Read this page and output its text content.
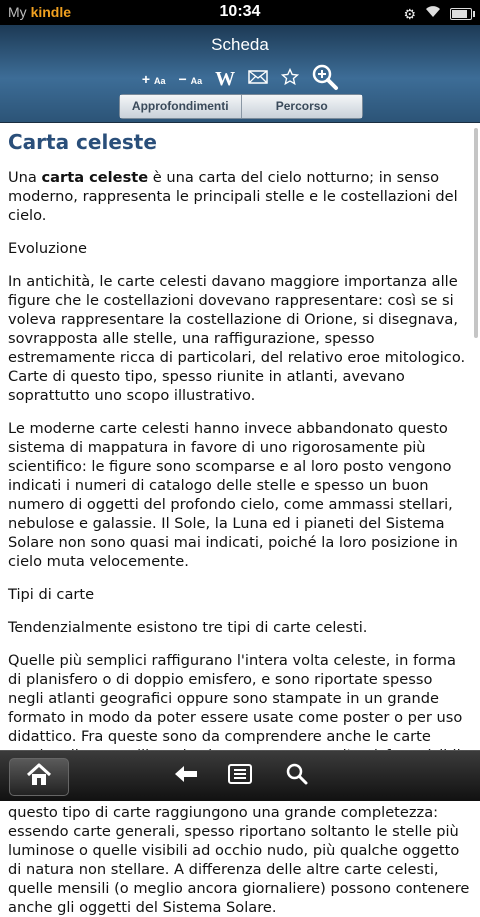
My kindle	10:34	⚙
Scheda
+ Aa − Aa W
Approfondimenti	Percorso
Carta celeste

Una carta celeste è una carta del cielo notturno; in senso moderno, rappresenta le principali stelle e le costellazioni del cielo.

Evoluzione

In antichità, le carte celesti davano maggiore importanza alle figure che le costellazioni dovevano rappresentare: così se si voleva rappresentare la costellazione di Orione, si disegnava, sovrapposta alle stelle, una raffigurazione, spesso estremamente ricca di particolari, del relativo eroe mitologico. Carte di questo tipo, spesso riunite in atlanti, avevano soprattutto uno scopo illustrativo.

Le moderne carte celesti hanno invece abbandonato questo sistema di mappatura in favore di uno rigorosamente più scientifico: le figure sono scomparse e al loro posto vengono indicati i numeri di catalogo delle stelle e spesso un buon numero di oggetti del profondo cielo, come ammassi stellari, nebulose e galassie. Il Sole, la Luna ed i pianeti del Sistema Solare non sono quasi mai indicati, poiché la loro posizione in cielo muta velocemente.

Tipi di carte

Tendenzialmente esistono tre tipi di carte celesti.

Quelle più semplici raffigurano l'intera volta celeste, in forma di planisfero o di doppio emisfero, e sono riportate spesso negli atlanti geografici oppure sono stampate in un grande formato in modo da poter essere usate come poster o per uso didattico. Fra queste sono da comprendere anche le carte questo tipo di carte raggiungono una grande completezza: essendo carte generali, spesso riportano soltanto le stelle più luminose o quelle visibili ad occhio nudo, più qualche oggetto di natura non stellare. A differenza delle altre carte celesti, quelle mensili (o meglio ancora giornaliere) possono contenere anche gli oggetti del Sistema Solare.
